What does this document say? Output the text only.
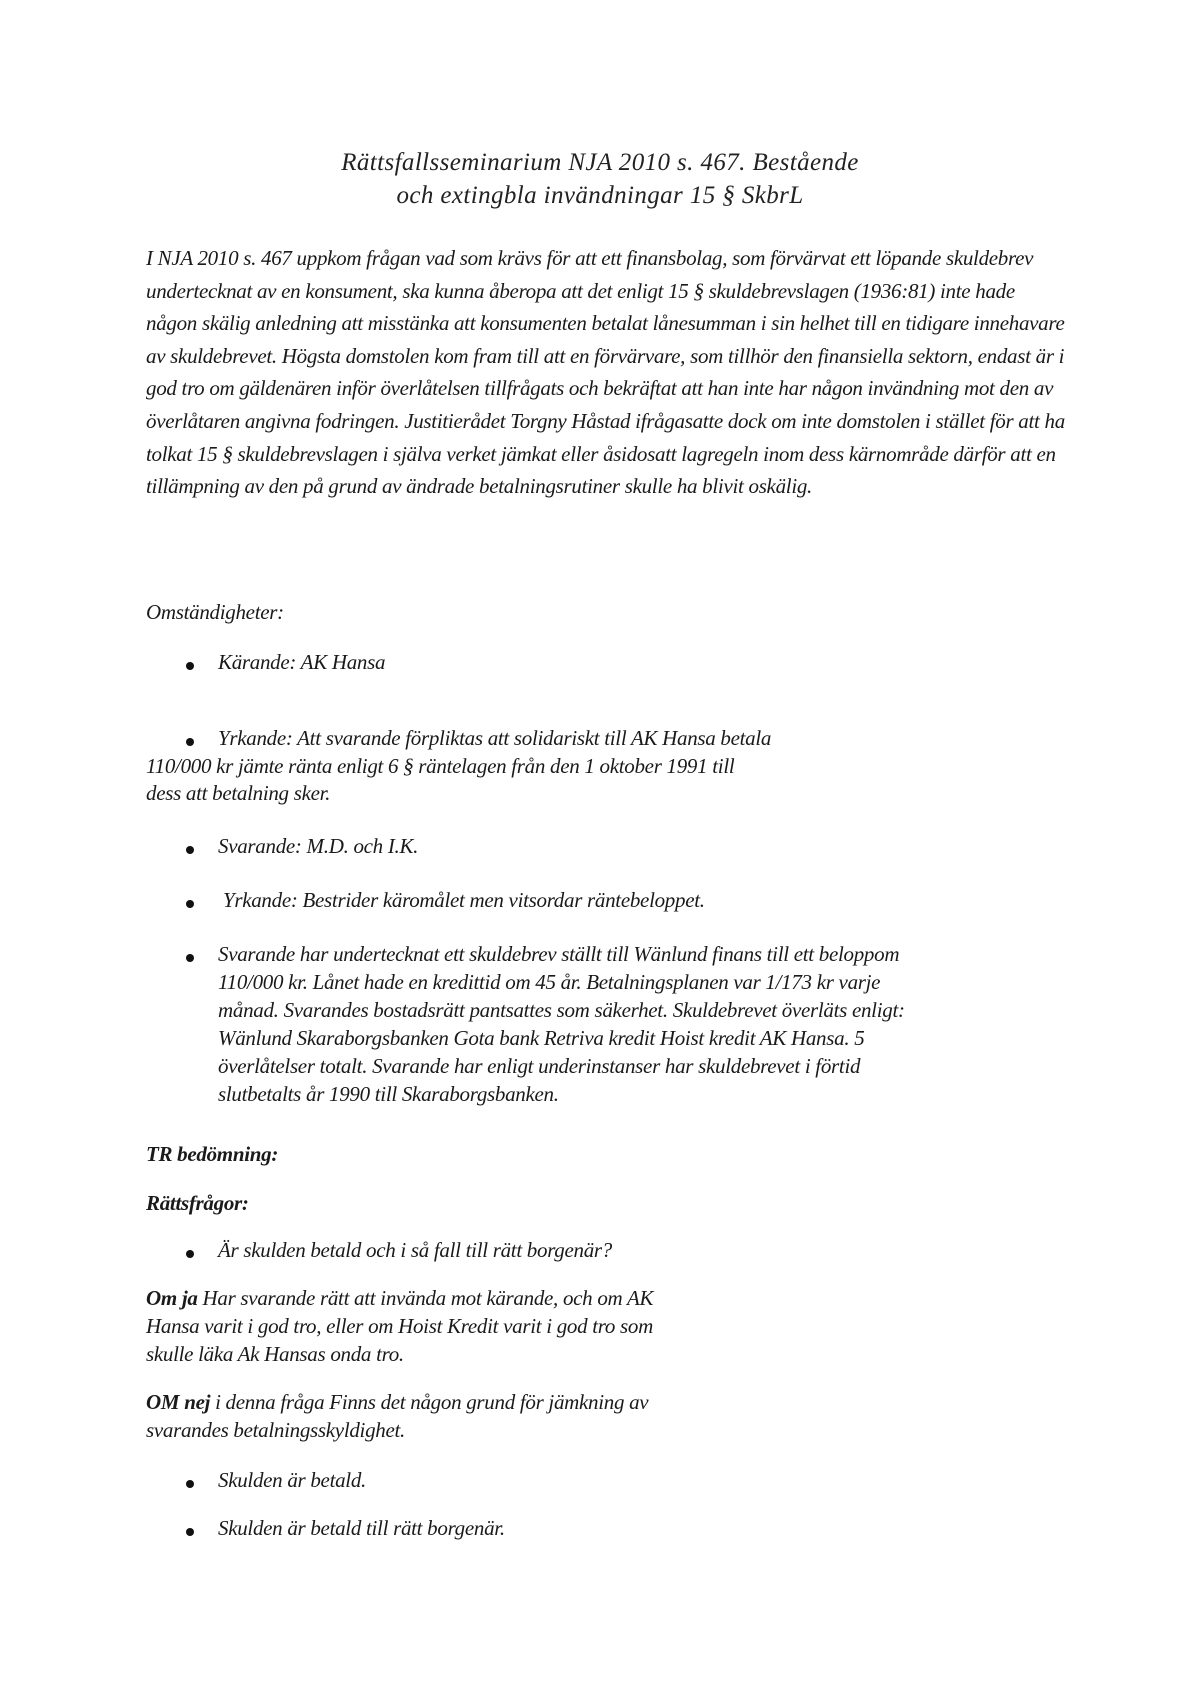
Rättsfallsseminarium NJA 2010 s. 467. Bestående
och extingbla invändningar 15 § SkbrL
I NJA 2010 s. 467 uppkom frågan vad som krävs för att ett finansbolag, som förvärvat ett löpande skuldebrev undertecknat av en konsument, ska kunna åberopa att det enligt 15 § skuldebrevslagen (1936:81) inte hade någon skälig anledning att misstänka att konsumenten betalat lånesumman i sin helhet till en tidigare innehavare av skuldebrevet. Högsta domstolen kom fram till att en förvärvare, som tillhör den finansiella sektorn, endast är i god tro om gäldenären inför överlåtelsen tillfrågats och bekräftat att han inte har någon invändning mot den av överlåtaren angivna fodringen. Justitierådet Torgny Håstad ifrågasatte dock om inte domstolen i stället för att ha tolkat 15 § skuldebrevslagen i själva verket jämkat eller åsidosatt lagregeln inom dess kärnområde därför att en tillämpning av den på grund av ändrade betalningsrutiner skulle ha blivit oskälig.
Omständigheter:
Kärande: AK Hansa
Yrkande: Att svarande förpliktas att solidariskt till AK Hansa betala
110/000 kr jämte ränta enligt 6 § räntelagen från den 1 oktober 1991 till
dess att betalning sker.
Svarande: M.D. och I.K.
Yrkande: Bestrider käromålet men vitsordar räntebeloppet.
Svarande har undertecknat ett skuldebrev ställt till Wänlund finans till ett beloppom
110/000 kr. Lånet hade en kredittid om 45 år. Betalningsplanen var 1/173 kr varje
månad. Svarandes bostadsrätt pantsattes som säkerhet. Skuldebrevet överläts enligt:
Wänlund Skaraborgsbanken Gota bank Retriva kredit Hoist kredit AK Hansa. 5
överlåtelser totalt. Svarande har enligt underinstanser har skuldebrevet i förtid
slutbetalts år 1990 till Skaraborgsbanken.
TR bedömning:
Rättsfrågor:
Är skulden betald och i så fall till rätt borgenär?
Om ja Har svarande rätt att invända mot kärande, och om AK
Hansa varit i god tro, eller om Hoist Kredit varit i god tro som
skulle läka Ak Hansas onda tro.
OM nej i denna fråga Finns det någon grund för jämkning av
svarandes betalningsskyldighet.
Skulden är betald.
Skulden är betald till rätt borgenär.
